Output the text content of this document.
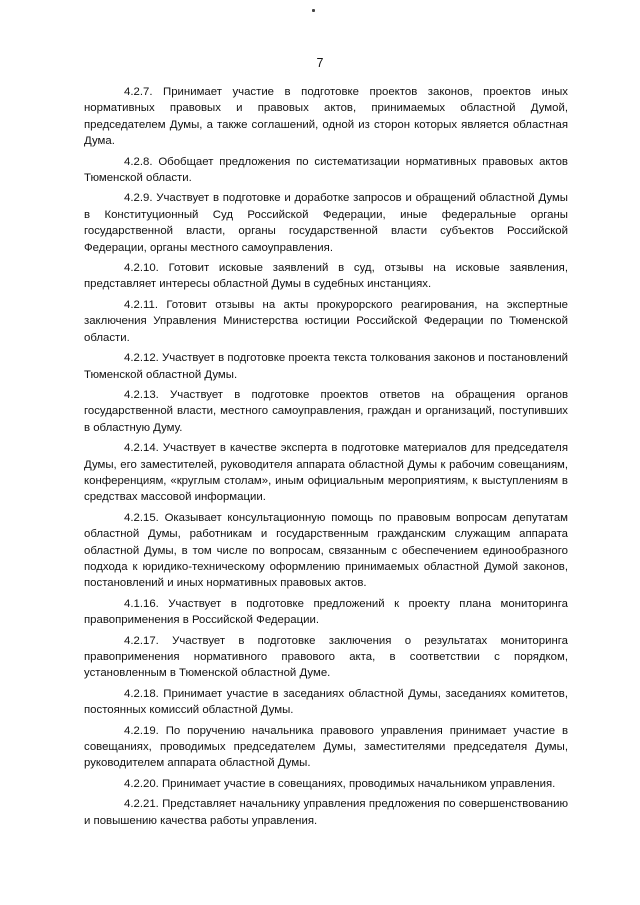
7

4.2.7. Принимает участие в подготовке проектов законов, проектов иных нормативных правовых и правовых актов, принимаемых областной Думой, председателем Думы, а также соглашений, одной из сторон которых является областная Дума.

4.2.8. Обобщает предложения по систематизации нормативных правовых актов Тюменской области.

4.2.9. Участвует в подготовке и доработке запросов и обращений областной Думы в Конституционный Суд Российской Федерации, иные федеральные органы государственной власти, органы государственной власти субъектов Российской Федерации, органы местного самоуправления.

4.2.10. Готовит исковые заявлений в суд, отзывы на исковые заявления, представляет интересы областной Думы в судебных инстанциях.

4.2.11. Готовит отзывы на акты прокурорского реагирования, на экспертные заключения Управления Министерства юстиции Российской Федерации по Тюменской области.

4.2.12. Участвует в подготовке проекта текста толкования законов и постановлений Тюменской областной Думы.

4.2.13. Участвует в подготовке проектов ответов на обращения органов государственной власти, местного самоуправления, граждан и организаций, поступивших в областную Думу.

4.2.14. Участвует в качестве эксперта в подготовке материалов для председателя Думы, его заместителей, руководителя аппарата областной Думы к рабочим совещаниям, конференциям, «круглым столам», иным официальным мероприятиям, к выступлениям в средствах массовой информации.

4.2.15. Оказывает консультационную помощь по правовым вопросам депутатам областной Думы, работникам и государственным гражданским служащим аппарата областной Думы, в том числе по вопросам, связанным с обеспечением единообразного подхода к юридико-техническому оформлению принимаемых областной Думой законов, постановлений и иных нормативных правовых актов.

4.1.16. Участвует в подготовке предложений к проекту плана мониторинга правоприменения в Российской Федерации.

4.2.17. Участвует в подготовке заключения о результатах мониторинга правоприменения нормативного правового акта, в соответствии с порядком, установленным в Тюменской областной Думе.

4.2.18. Принимает участие в заседаниях областной Думы, заседаниях комитетов, постоянных комиссий областной Думы.

4.2.19. По поручению начальника правового управления принимает участие в совещаниях, проводимых председателем Думы, заместителями председателя Думы, руководителем аппарата областной Думы.

4.2.20. Принимает участие в совещаниях, проводимых начальником управления.

4.2.21. Представляет начальнику управления предложения по совершенствованию и повышению качества работы управления.
